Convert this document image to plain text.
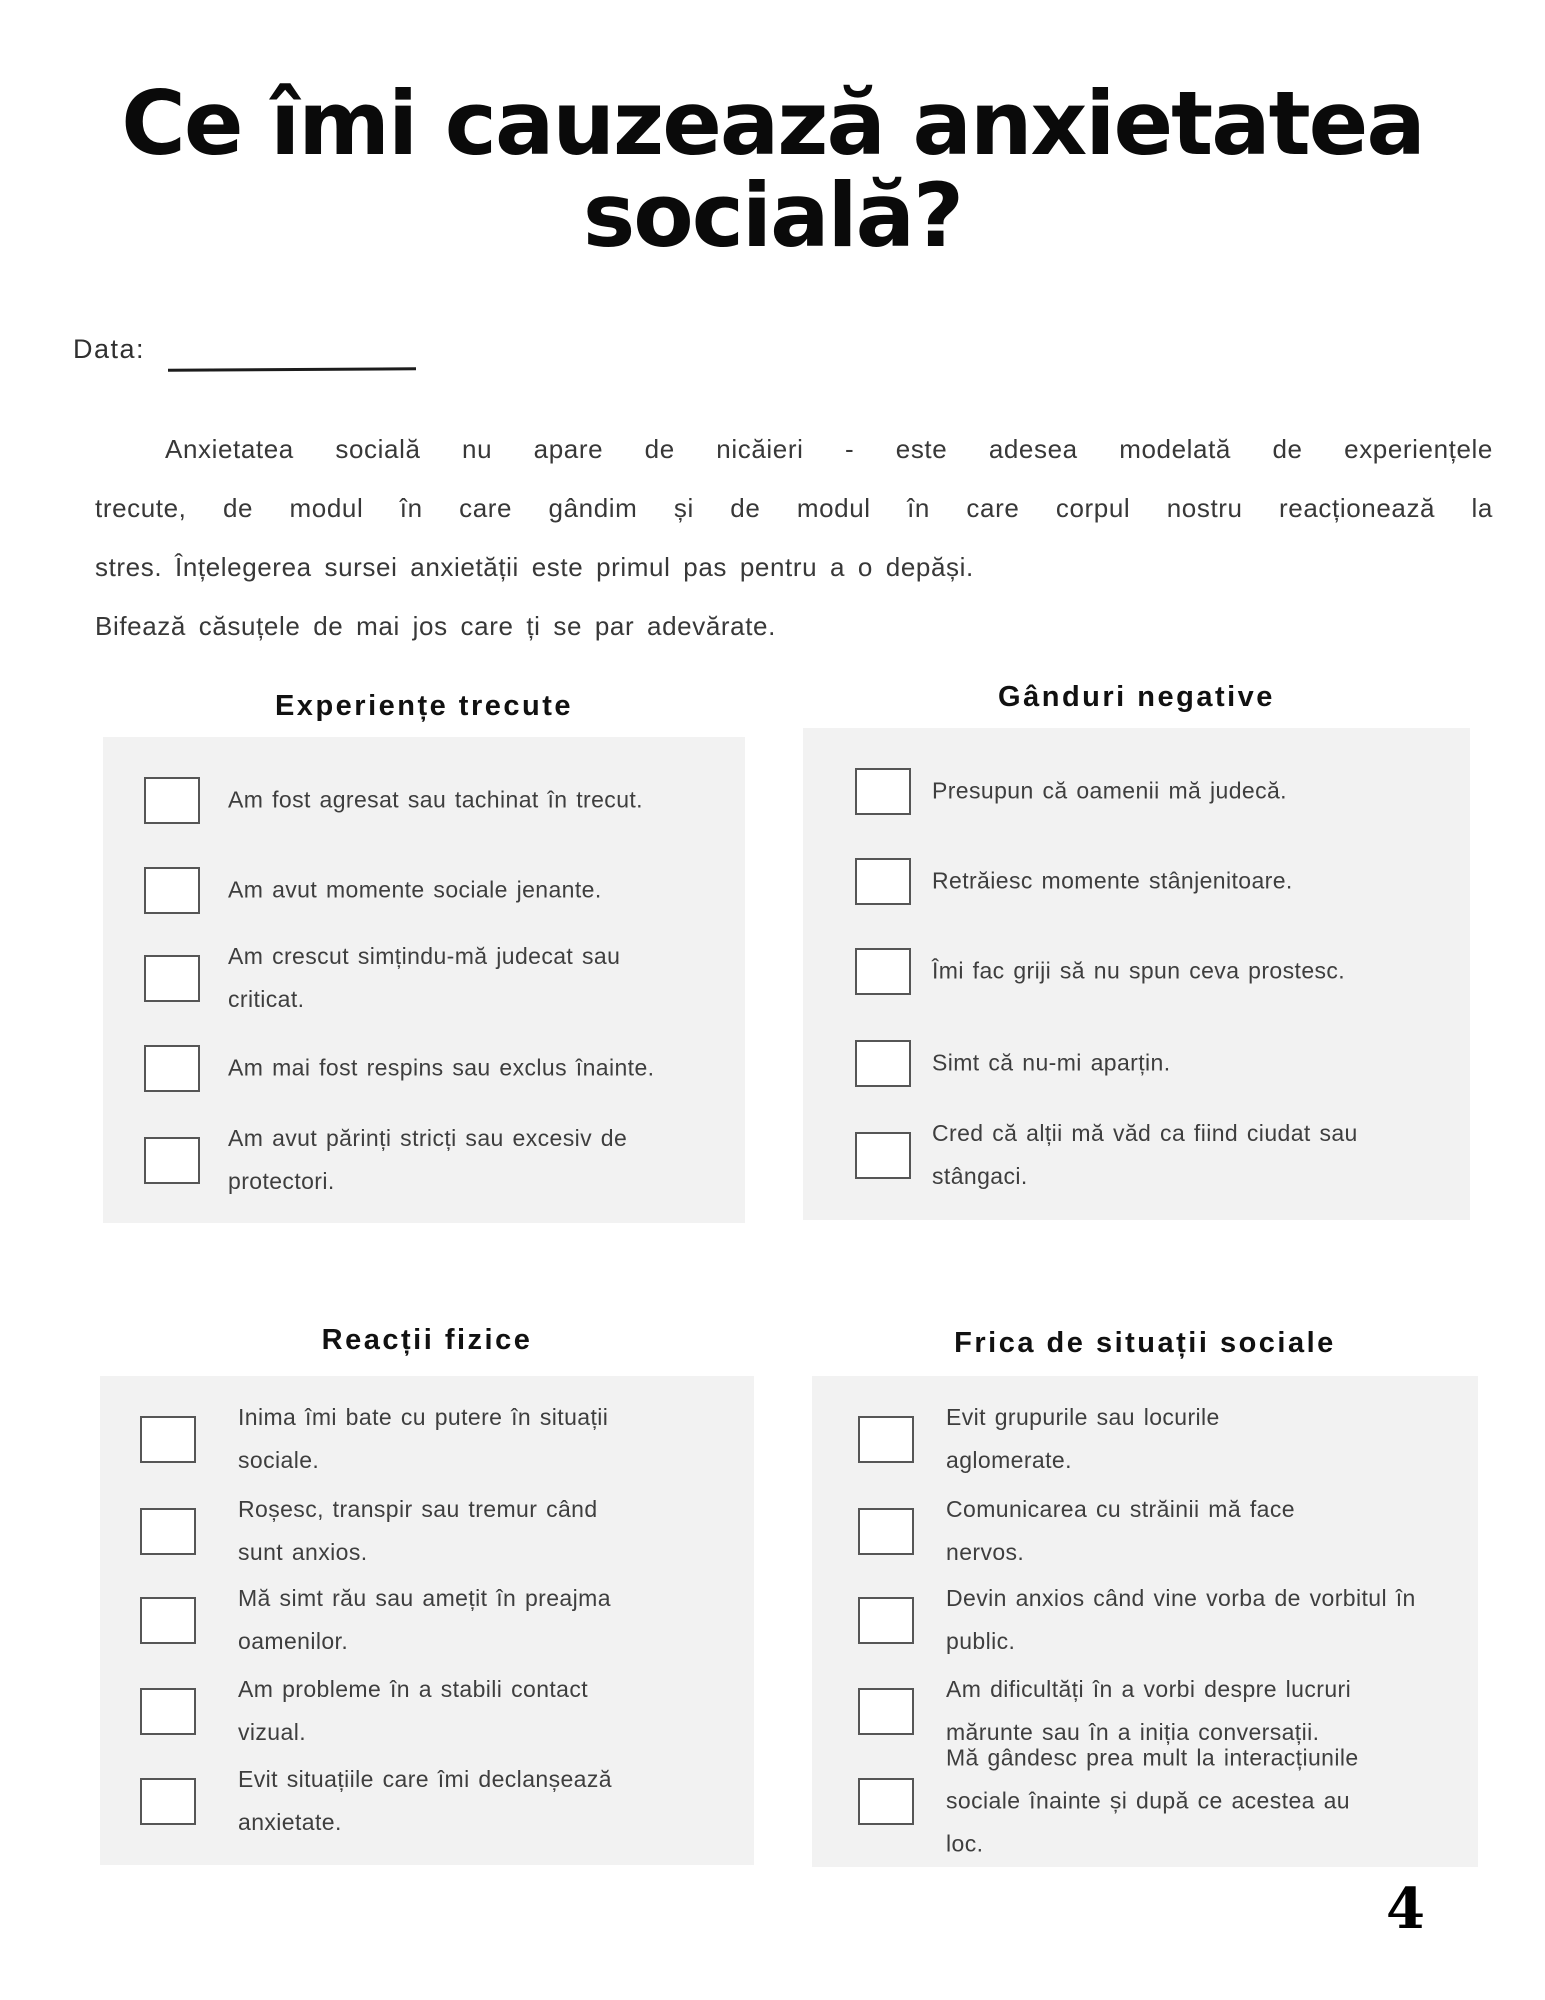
Ce îmi cauzează anxietatea
socială?
Data:
Anxietatea socială nu apare de nicăieri - este adesea modelată de experiențele
trecute, de modul în care gândim și de modul în care corpul nostru reacționează la
stres. Înțelegerea sursei anxietății este primul pas pentru a o depăși.
Bifează căsuțele de mai jos care ți se par adevărate.
Experiențe trecute	Gânduri negative
Reacții fizice	Frica de situații sociale
Am fost agresat sau tachinat în trecut.
Am avut momente sociale jenante.
Am crescut simțindu-mă judecat sau criticat.
Am mai fost respins sau exclus înainte.
Am avut părinți stricți sau excesiv de protectori.
Presupun că oamenii mă judecă.
Retrăiesc momente stânjenitoare.
Îmi fac griji să nu spun ceva prostesc.
Simt că nu-mi aparțin.
Cred că alții mă văd ca fiind ciudat sau stângaci.
Inima îmi bate cu putere în situații sociale.
Roșesc, transpir sau tremur când sunt anxios.
Mă simt rău sau amețit în preajma oamenilor.
Am probleme în a stabili contact vizual.
Evit situațiile care îmi declanșează anxietate.
Evit grupurile sau locurile aglomerate.
Comunicarea cu străinii mă face nervos.
Devin anxios când vine vorba de vorbitul în public.
Am dificultăți în a vorbi despre lucruri mărunte sau în a iniția conversații.
Mă gândesc prea mult la interacțiunile sociale înainte și după ce acestea au loc.
4
